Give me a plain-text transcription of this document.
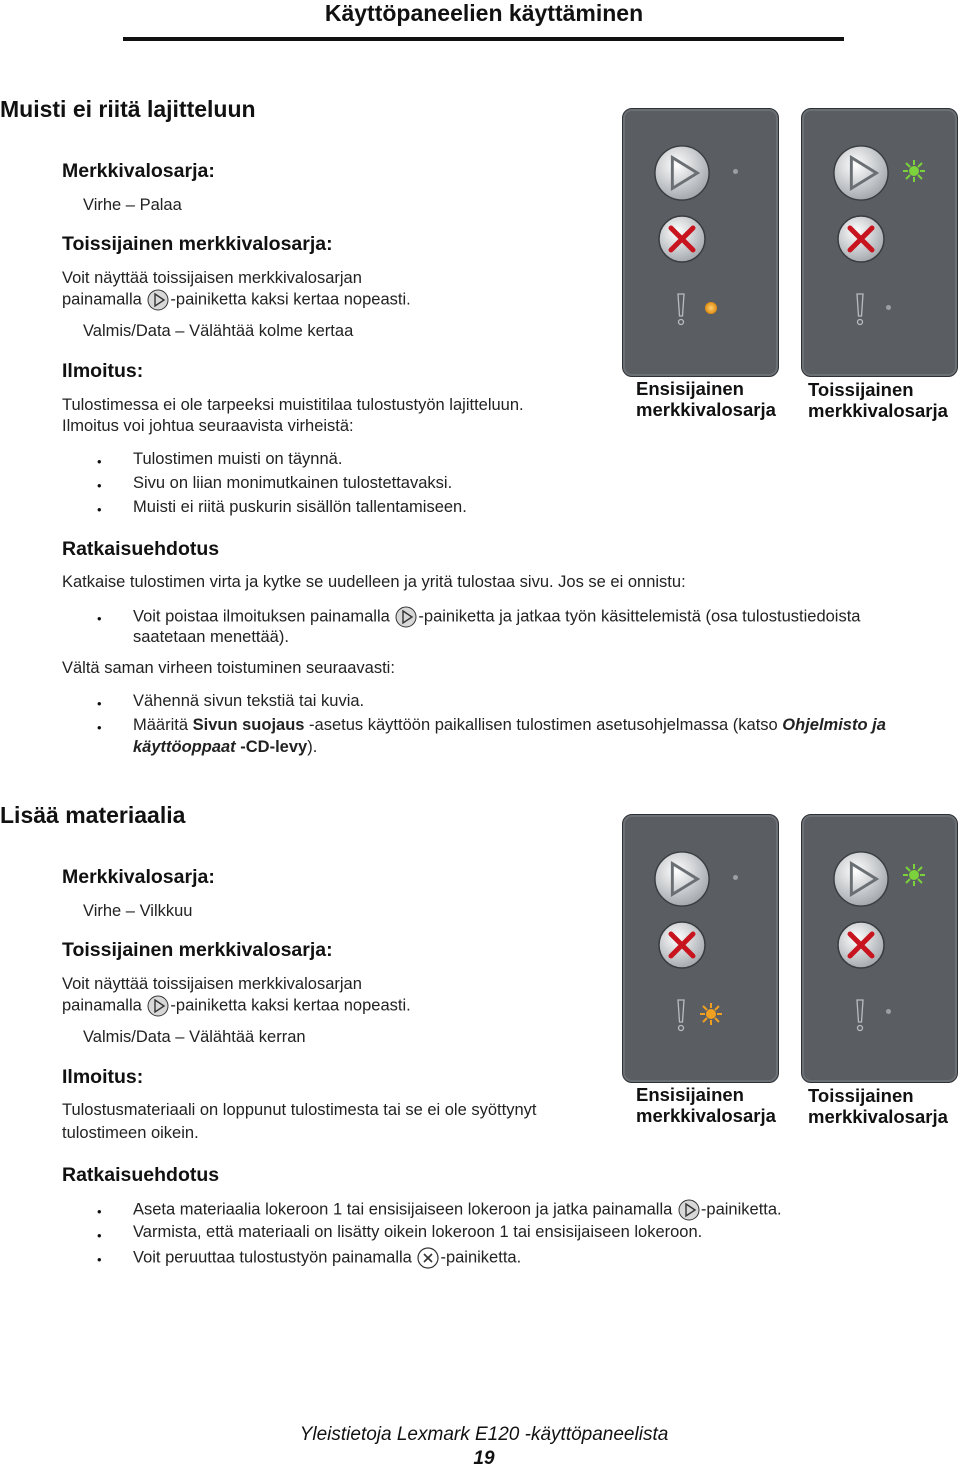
Käyttöpaneelien käyttäminen
Muisti ei riitä lajitteluun
Merkkivalosarja:
Virhe – Palaa
Toissijainen merkkivalosarja:
Voit näyttää toissijaisen merkkivalosarjan
painamalla -painiketta kaksi kertaa nopeasti.
Valmis/Data – Välähtää kolme kertaa
Ilmoitus:
Tulostimessa ei ole tarpeeksi muistitilaa tulostustyön lajitteluun.
Ilmoitus voi johtua seuraavista virheistä:
• Tulostimen muisti on täynnä.
• Sivu on liian monimutkainen tulostettavaksi.
• Muisti ei riitä puskurin sisällön tallentamiseen.
Ratkaisuehdotus
Katkaise tulostimen virta ja kytke se uudelleen ja yritä tulostaa sivu. Jos se ei onnistu:
• Voit poistaa ilmoituksen painamalla -painiketta ja jatkaa työn käsittelemistä (osa tulostustiedoista
saatetaan menettää).
Vältä saman virheen toistuminen seuraavasti:
• Vähennä sivun tekstiä tai kuvia.
• Määritä Sivun suojaus -asetus käyttöön paikallisen tulostimen asetusohjelmassa (katso Ohjelmisto ja
käyttöoppaat -CD-levy).
Ensisijainen
merkkivalosarja
Toissijainen
merkkivalosarja
Lisää materiaalia
Merkkivalosarja:
Virhe – Vilkkuu
Toissijainen merkkivalosarja:
Voit näyttää toissijaisen merkkivalosarjan
painamalla -painiketta kaksi kertaa nopeasti.
Valmis/Data – Välähtää kerran
Ilmoitus:
Tulostusmateriaali on loppunut tulostimesta tai se ei ole syöttynyt
tulostimeen oikein.
Ratkaisuehdotus
• Aseta materiaalia lokeroon 1 tai ensisijaiseen lokeroon ja jatka painamalla -painiketta.
• Varmista, että materiaali on lisätty oikein lokeroon 1 tai ensisijaiseen lokeroon.
• Voit peruuttaa tulostustyön painamalla -painiketta.
Ensisijainen
merkkivalosarja
Toissijainen
merkkivalosarja
Yleistietoja Lexmark E120 -käyttöpaneelista
19
